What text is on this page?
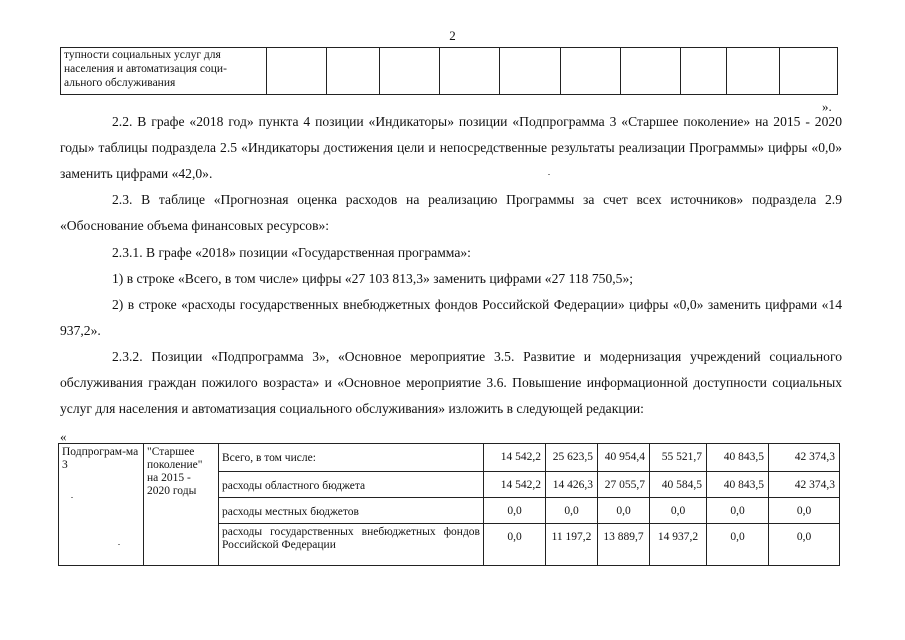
2
тупности социальных услуг для населения и автоматизация соци-ального обслуживания										
».
2.2. В графе «2018 год» пункта 4 позиции «Индикаторы» позиции «Подпрограмма 3 «Старшее поколение» на 2015 - 2020 годы» таблицы подраздела 2.5 «Индикаторы достижения цели и непосредственные результаты реализации Программы» цифры «0,0» заменить цифрами «42,0».
2.3. В таблице «Прогнозная оценка расходов на реализацию Программы за счет всех источников» подраздела 2.9 «Обоснование объема финансовых ресурсов»:
2.3.1. В графе «2018» позиции «Государственная программа»:
1) в строке «Всего, в том числе» цифры «27 103 813,3» заменить цифрами «27 118 750,5»;
2) в строке «расходы государственных внебюджетных фондов Российской Федерации» цифры «0,0» заменить цифрами «14 937,2».
2.3.2. Позиции «Подпрограмма 3», «Основное мероприятие 3.5. Развитие и модернизация учреждений социального обслуживания граждан пожилого возраста» и «Основное мероприятие 3.6. Повышение информационной доступности социальных услуг для населения и автоматизация социального обслуживания» изложить в следующей редакции:
«
Подпрограм-ма 3	"Старшее поколение" на 2015 - 2020 годы	Всего, в том числе:	14 542,2	25 623,5	40 954,4	55 521,7	40 843,5	42 374,3
		расходы областного бюджета	14 542,2	14 426,3	27 055,7	40 584,5	40 843,5	42 374,3
		расходы местных бюджетов	0,0	0,0	0,0	0,0	0,0	0,0
		расходы государственных внебюджетных фондов Российской Федерации	0,0	11 197,2	13 889,7	14 937,2	0,0	0,0
